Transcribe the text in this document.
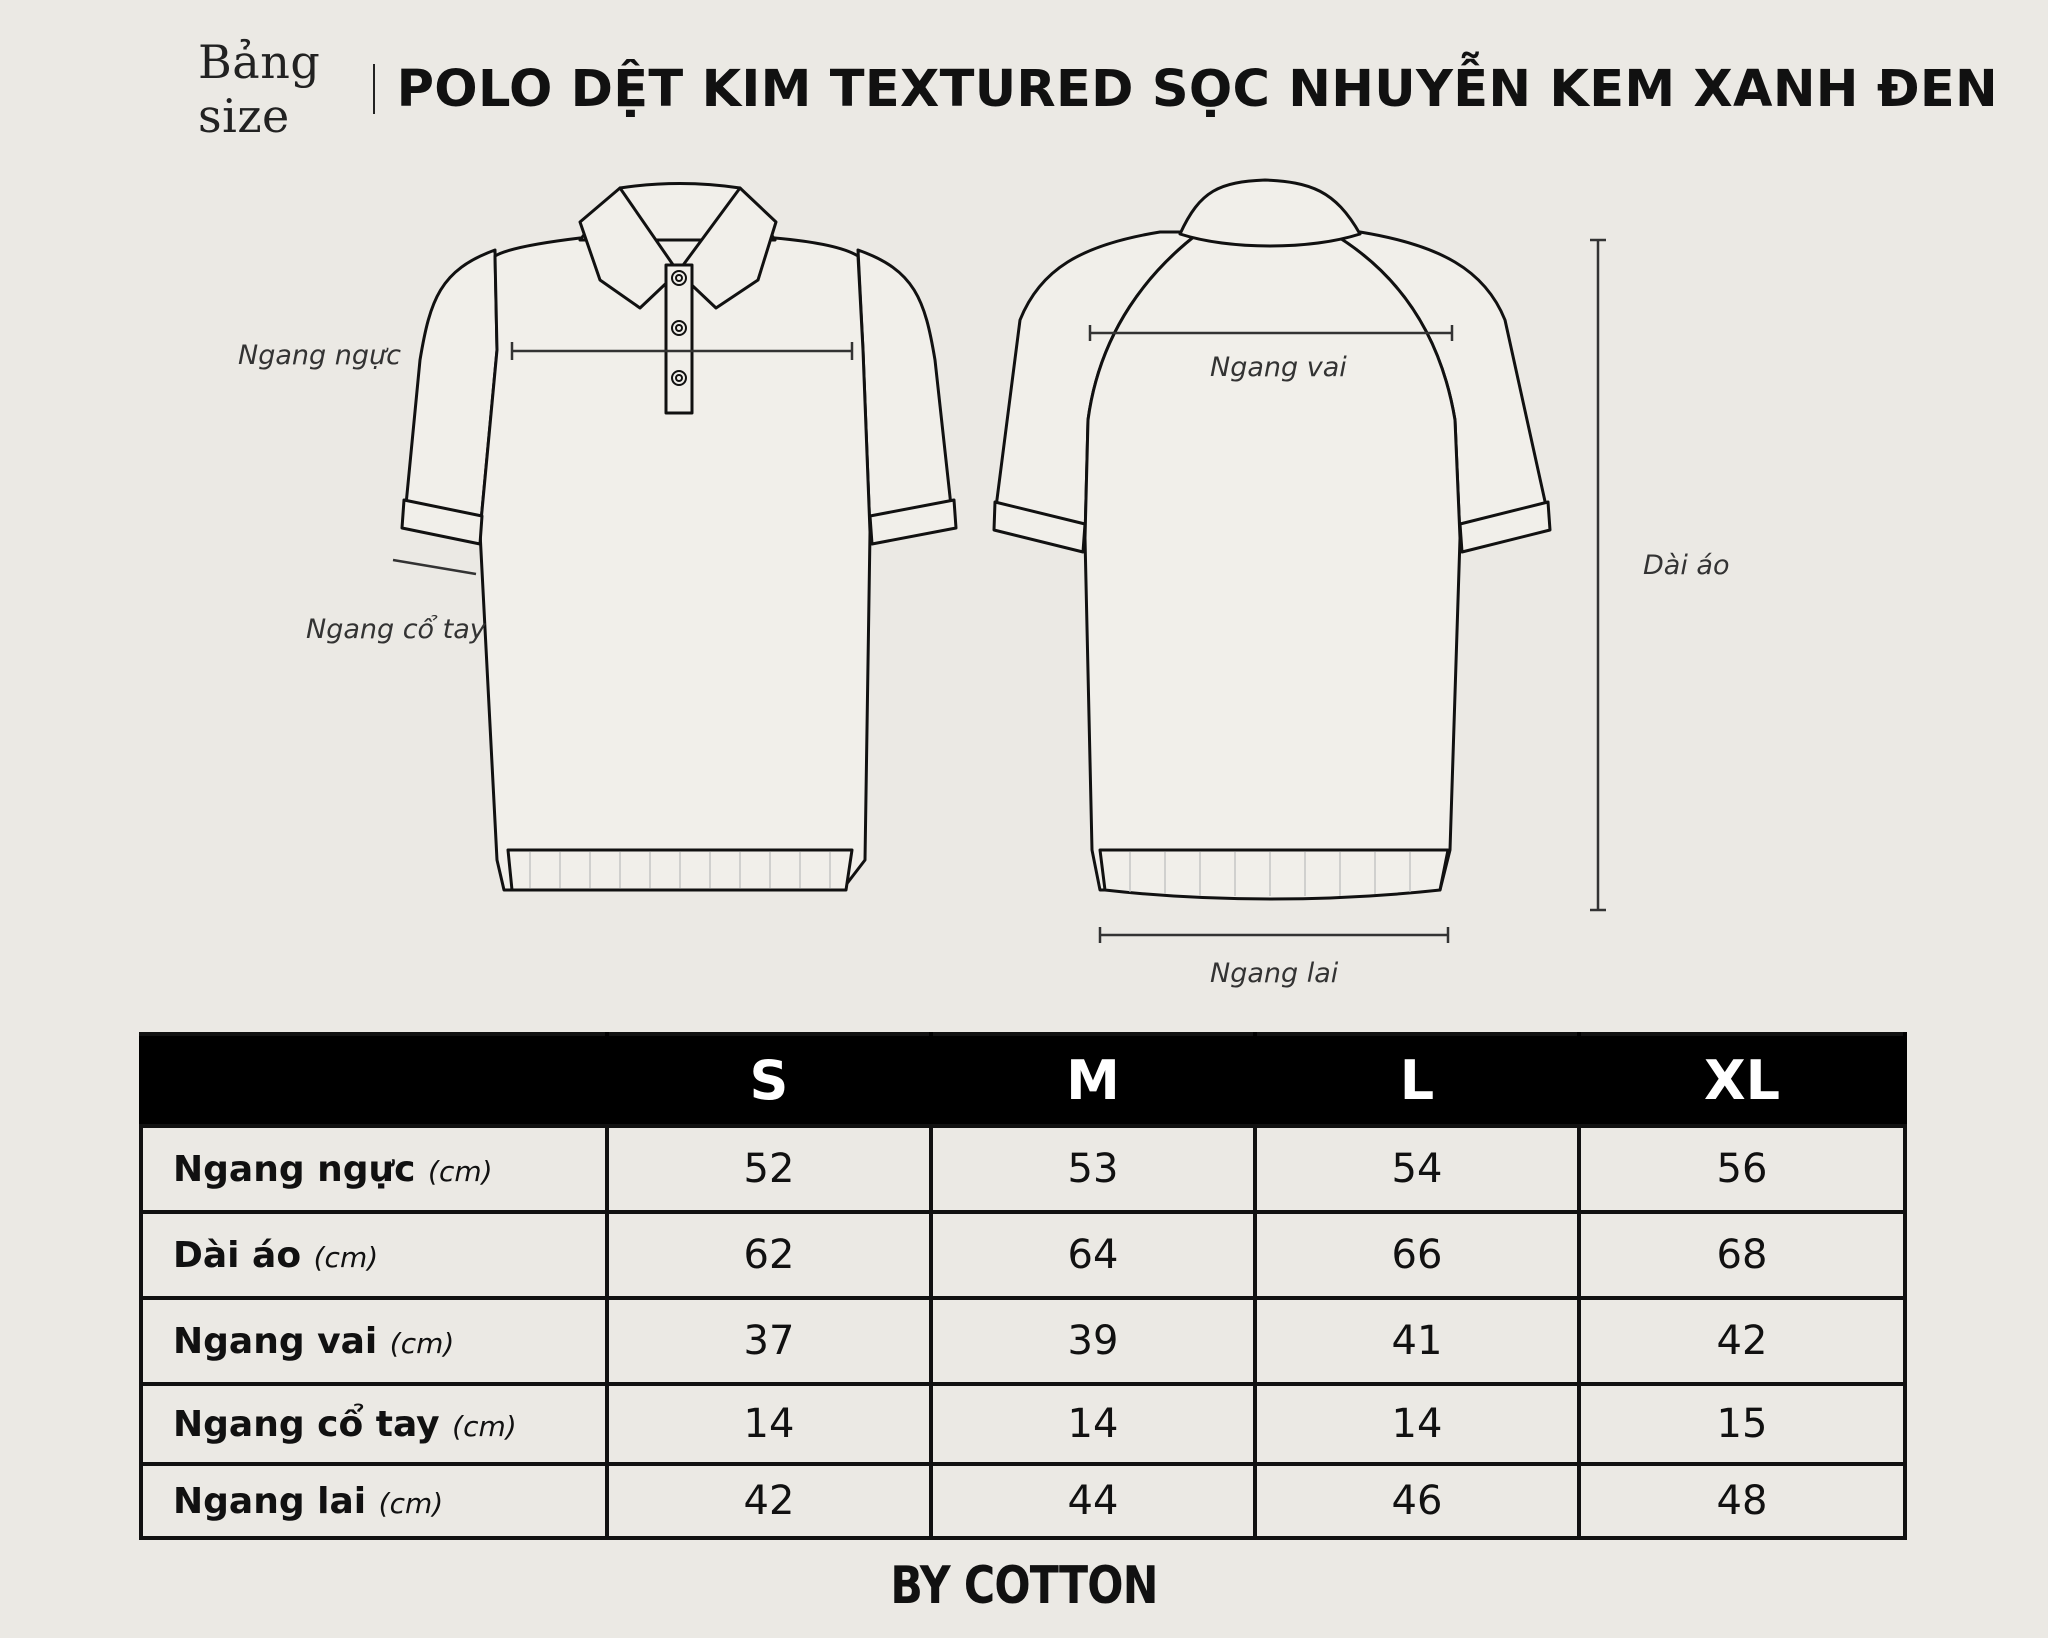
Bảng size	POLO DỆT KIM TEXTURED SỌC NHUYỄN KEM XANH ĐEN
Ngang ngực
Ngang cổ tay
Ngang vai
Dài áo
Ngang lai
	S	M	L	XL
Ngang ngực (cm)	52	53	54	56
Dài áo (cm)	62	64	66	68
Ngang vai (cm)	37	39	41	42
Ngang cổ tay (cm)	14	14	14	15
Ngang lai (cm)	42	44	46	48
BY COTTON
